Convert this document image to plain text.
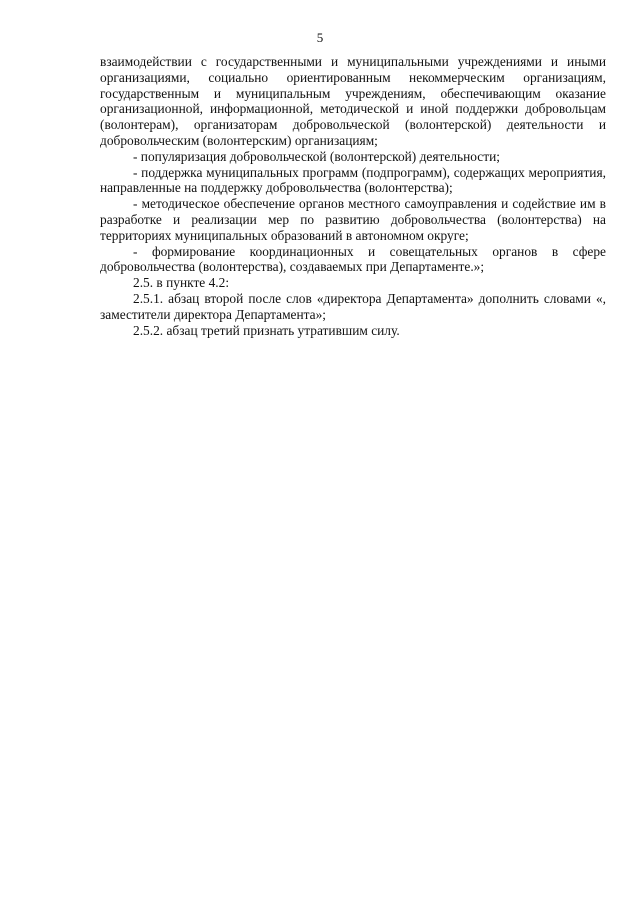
5

взаимодействии с государственными и муниципальными учреждениями и иными организациями, социально ориентированным некоммерческим организациям, государственным и муниципальным учреждениям, обеспечивающим оказание организационной, информационной, методической и иной поддержки добровольцам (волонтерам), организаторам добровольческой (волонтерской) деятельности и добровольческим (волонтерским) организациям;

- популяризация добровольческой (волонтерской) деятельности;

- поддержка муниципальных программ (подпрограмм), содержащих мероприятия, направленные на поддержку добровольчества (волонтерства);

- методическое обеспечение органов местного самоуправления и содействие им в разработке и реализации мер по развитию добровольчества (волонтерства) на территориях муниципальных образований в автономном округе;

- формирование координационных и совещательных органов в сфере добровольчества (волонтерства), создаваемых при Департаменте.»;

2.5. в пункте 4.2:

2.5.1. абзац второй после слов «директора Департамента» дополнить словами «, заместители директора Департамента»;

2.5.2. абзац третий признать утратившим силу.
